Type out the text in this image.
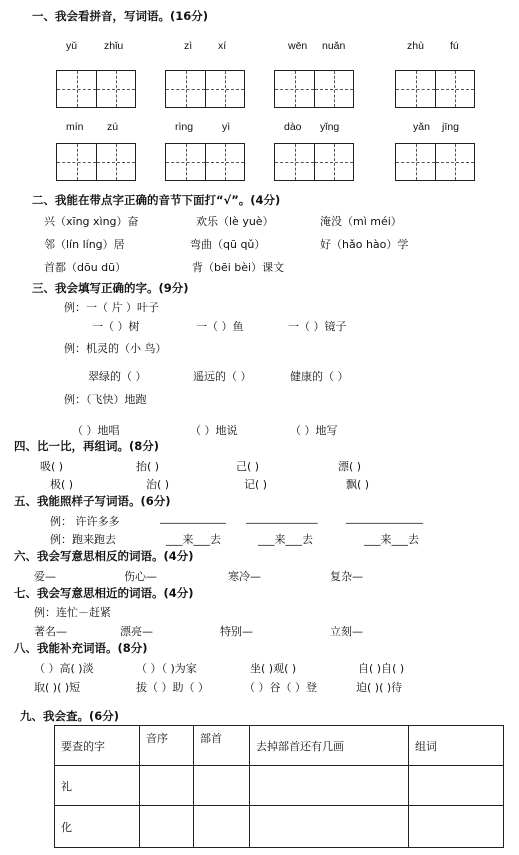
一、我会看拼音，写词语。(16分)
yǔ	zhǐu	zì xí	wēn nuǎn	zhù fú
mín zú	rìng	yì	dào yǐng	yǎn jīng
二、我能在带点字正确的音节下面打“√”。(4分)
兴（xīng xìng）奋	欢乐（lè yuè）	淹没（mì méi）
邻（lín líng）居	弯曲（qū qǔ）	好（hǎo hào）学
首都（dōu dū）	背（bēi bèi）课文
三、我会填写正确的字。(9分)
例：一（ 片 ）叶子
一（ ）树	一（ ）鱼	一（ ）镜子
例：机灵的（小 鸟）
翠绿的（ ）	遥远的（ ）	健康的（ ）
例：（飞快）地跑
（ ）地唱	（ ）地说	（ ）地写
四、比一比，再组词。(8分)
吸( )	抬( )	己( )	漂( )
极( )	治( )	记( )	飘( )
五、我能照样子写词语。(6分)
例： 许许多多	____________ _____________	______________
例：跑来跑去	___来___去	___来___去	___来___去
六、我会写意思相反的词语。(4分)
爱—	伤心—	寒冷—	复杂—
七、我会写意思相近的词语。(4分)
例：连忙－赶紧
著名—	漂亮—	特别—	立刻—
八、我能补充词语。(8分)
（ ）高( )淡	（ ）（ )为家	坐( )观( )	自( )自( )
取( )( )短	拔（ ）助（ ）	（ ）谷（ ）登	迫( )( )待
九、我会查。(6分)
要查的字	音序	部首	去掉部首还有几画	组词
礼				
化				
